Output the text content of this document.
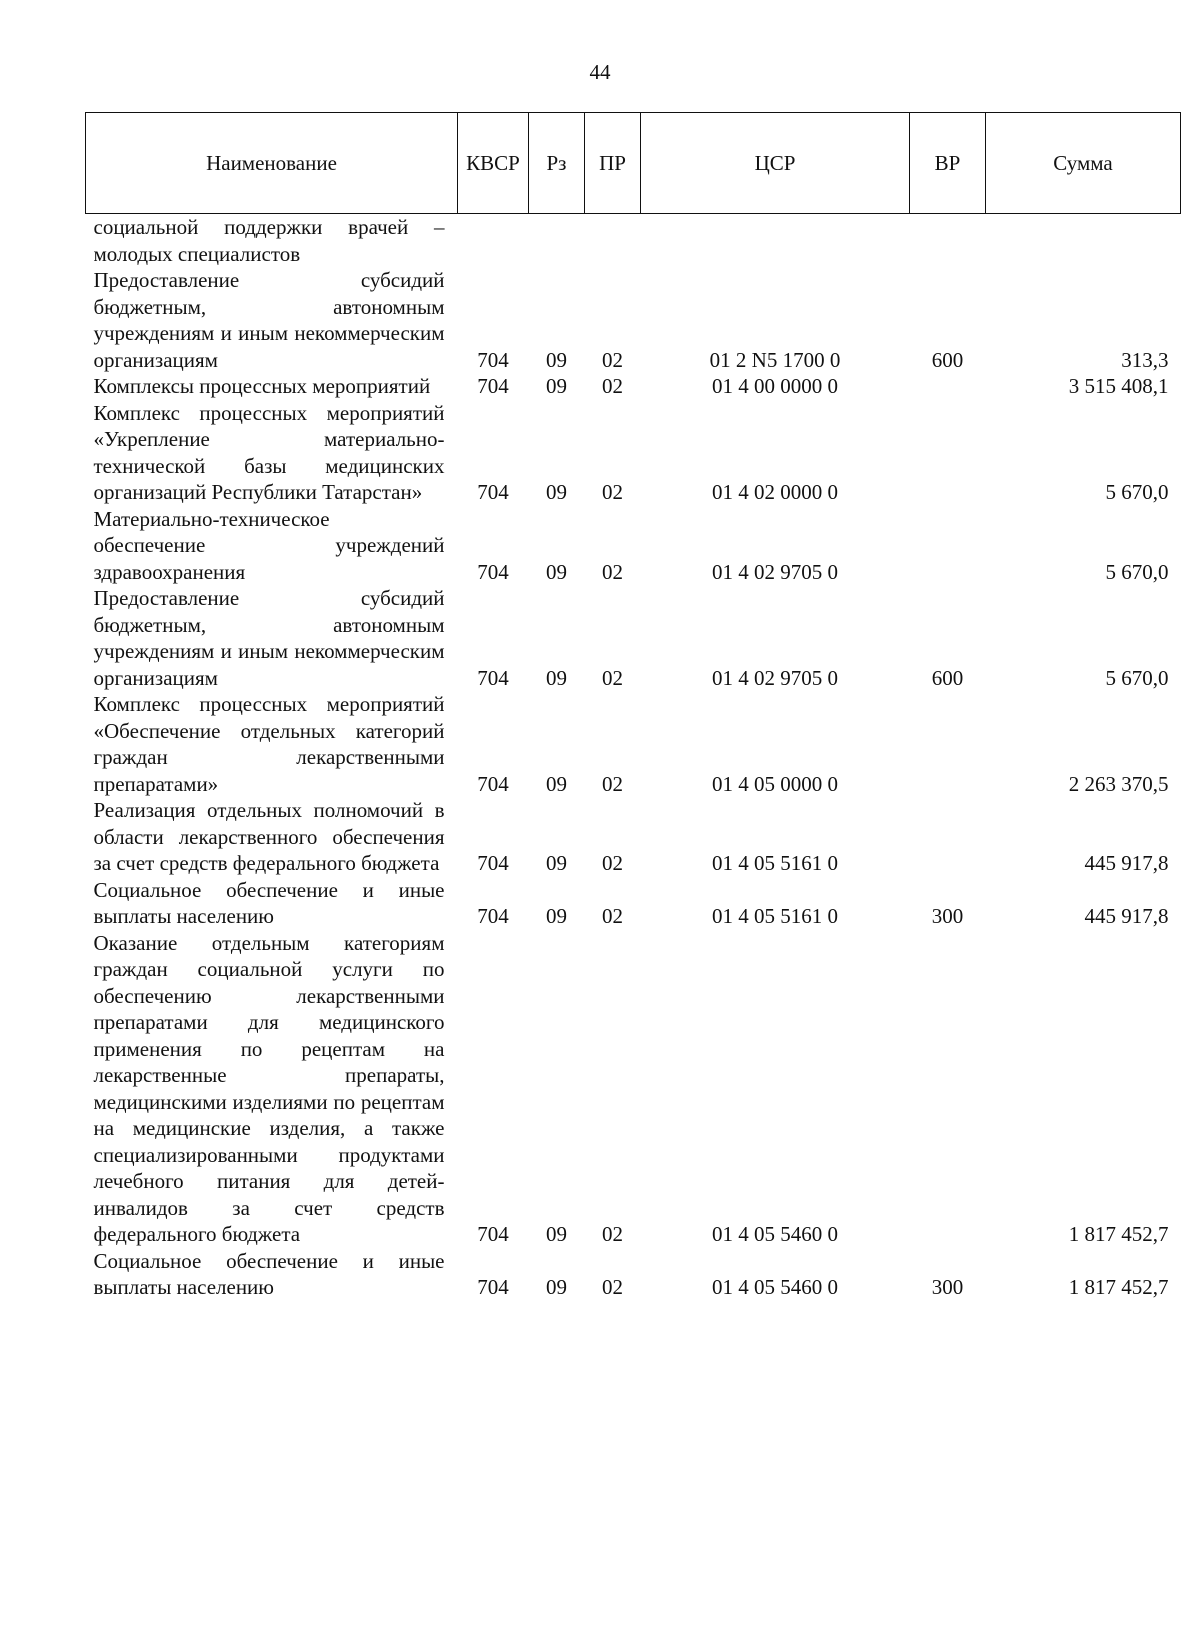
44
Наименование	КВСР	Рз	ПР	ЦСР	ВР	Сумма
социальной поддержки врачей – молодых специалистов						
Предоставление субсидий бюджетным, автономным учреждениям и иным некоммерческим организациям	704	09	02	01 2 N5 1700 0	600	313,3
Комплексы процессных мероприятий	704	09	02	01 4 00 0000 0		3 515 408,1
Комплекс процессных мероприятий «Укрепление материально-технической базы медицинских организаций Республики Татарстан»	704	09	02	01 4 02 0000 0		5 670,0
Материально-техническое обеспечение учреждений здравоохранения	704	09	02	01 4 02 9705 0		5 670,0
Предоставление субсидий бюджетным, автономным учреждениям и иным некоммерческим организациям	704	09	02	01 4 02 9705 0	600	5 670,0
Комплекс процессных мероприятий «Обеспечение отдельных категорий граждан лекарственными препаратами»	704	09	02	01 4 05 0000 0		2 263 370,5
Реализация отдельных полномочий в области лекарственного обеспечения за счет средств федерального бюджета	704	09	02	01 4 05 5161 0		445 917,8
Социальное обеспечение и иные выплаты населению	704	09	02	01 4 05 5161 0	300	445 917,8
Оказание отдельным категориям граждан социальной услуги по обеспечению лекарственными препаратами для медицинского применения по рецептам на лекарственные препараты, медицинскими изделиями по рецептам на медицинские изделия, а также специализированными продуктами лечебного питания для детей-инвалидов за счет средств федерального бюджета	704	09	02	01 4 05 5460 0		1 817 452,7
Социальное обеспечение и иные выплаты населению	704	09	02	01 4 05 5460 0	300	1 817 452,7
